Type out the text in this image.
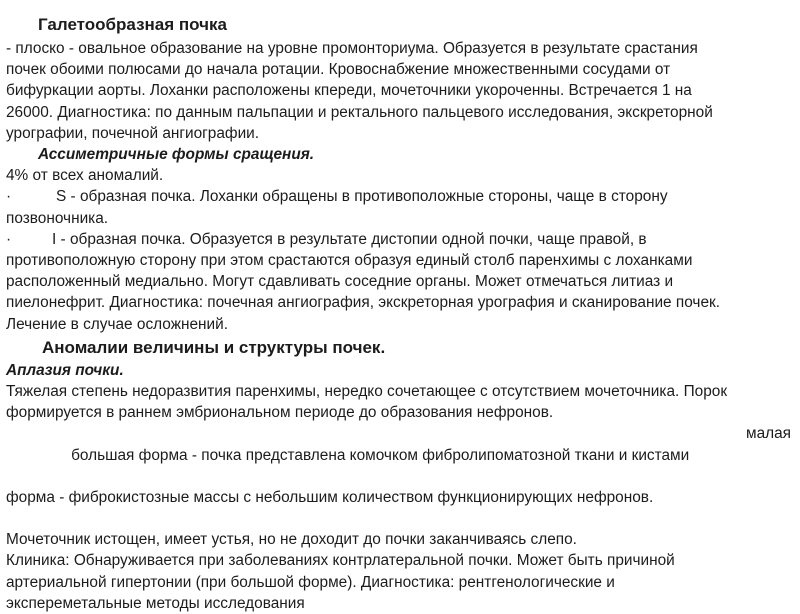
Галетообразная почка
- плоско - овальное образование на уровне промонториума. Образуется в результате срастания
почек обоими полюсами до начала ротации. Кровоснабжение множественными сосудами от
бифуркации аорты. Лоханки расположены кпереди, мочеточники укороченны. Встречается 1 на
26000. Диагностика: по данным пальпации и ректального пальцевого исследования, экскреторной
урографии, почечной ангиографии.
Ассиметричные формы сращения.
4% от всех аномалий.
·	S - образная почка. Лоханки обращены в противоположные стороны, чаще в сторону
позвоночника.
·	I - образная почка. Образуется в результате дистопии одной почки, чаще правой, в
противоположную сторону при этом срастаются образуя единый столб паренхимы с лоханками
расположенный медиально. Могут сдавливать соседние органы. Может отмечаться литиаз и
пиелонефрит. Диагностика: почечная ангиография, экскреторная урография и сканирование почек.
Лечение в случае осложнений.
Аномалии величины и структуры почек.
Аплазия почки.
Тяжелая степень недоразвития паренхимы, нередко сочетающее с отсутствием мочеточника. Порок
формируется в раннем эмбриональном периоде до образования нефронов.

большая форма - почка представлена комочком фибролипоматозной ткани и кистами
малая

форма - фиброкистозные массы с небольшим количеством функционирующих нефронов.
Мочеточник истощен, имеет устья, но не доходит до почки заканчиваясь слепо.
Клиника: Обнаруживается при заболеваниях контрлатеральной почки. Может быть причиной
артериальной гипертонии (при большой форме). Диагностика: рентгенологические и
экспереметальные методы исследования
